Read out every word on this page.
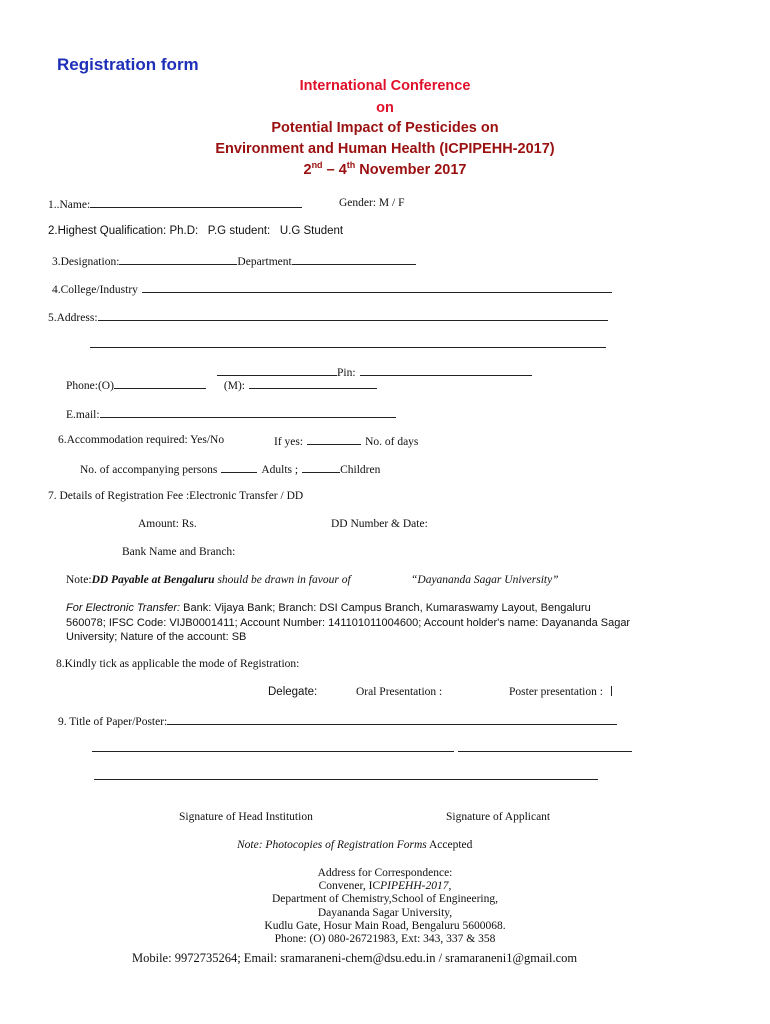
Registration form
International Conference
on
Potential Impact of Pesticides on
Environment and Human Health (ICPIPEHH-2017)
2nd – 4th November 2017
1..Name:	Gender: M / F
2.Highest Qualification: Ph.D:   P.G student:   U.G Student
3.Designation:	Department
4.College/Industry
5.Address:
Pin:
Phone:(O)	(M):
E.mail:
6.Accommodation required: Yes/No	If yes:	No. of days
No. of accompanying persons	Adults ;	Children
7. Details of Registration Fee :Electronic Transfer / DD
Amount: Rs.	DD Number & Date:
Bank Name and Branch:
Note:DD Payable at Bengaluru should be drawn in favour of	“Dayananda Sagar University”
For Electronic Transfer: Bank: Vijaya Bank; Branch: DSI Campus Branch, Kumaraswamy Layout, Bengaluru
560078; IFSC Code: VIJB0001411; Account Number: 141101011004600; Account holder's name: Dayananda Sagar
University; Nature of the account: SB
8.Kindly tick as applicable the mode of Registration:
Delegate:	Oral Presentation :	Poster presentation :
9. Title of Paper/Poster:
Signature of Head Institution	Signature of Applicant
Note: Photocopies of Registration Forms Accepted
Address for Correspondence:
Convener, ICPIPEHH-2017,
Department of Chemistry,School of Engineering,
Dayananda Sagar University,
Kudlu Gate, Hosur Main Road, Bengaluru 5600068.
Phone: (O) 080-26721983, Ext: 343, 337 & 358
Mobile: 9972735264; Email: sramaraneni-chem@dsu.edu.in / sramaraneni1@gmail.com
